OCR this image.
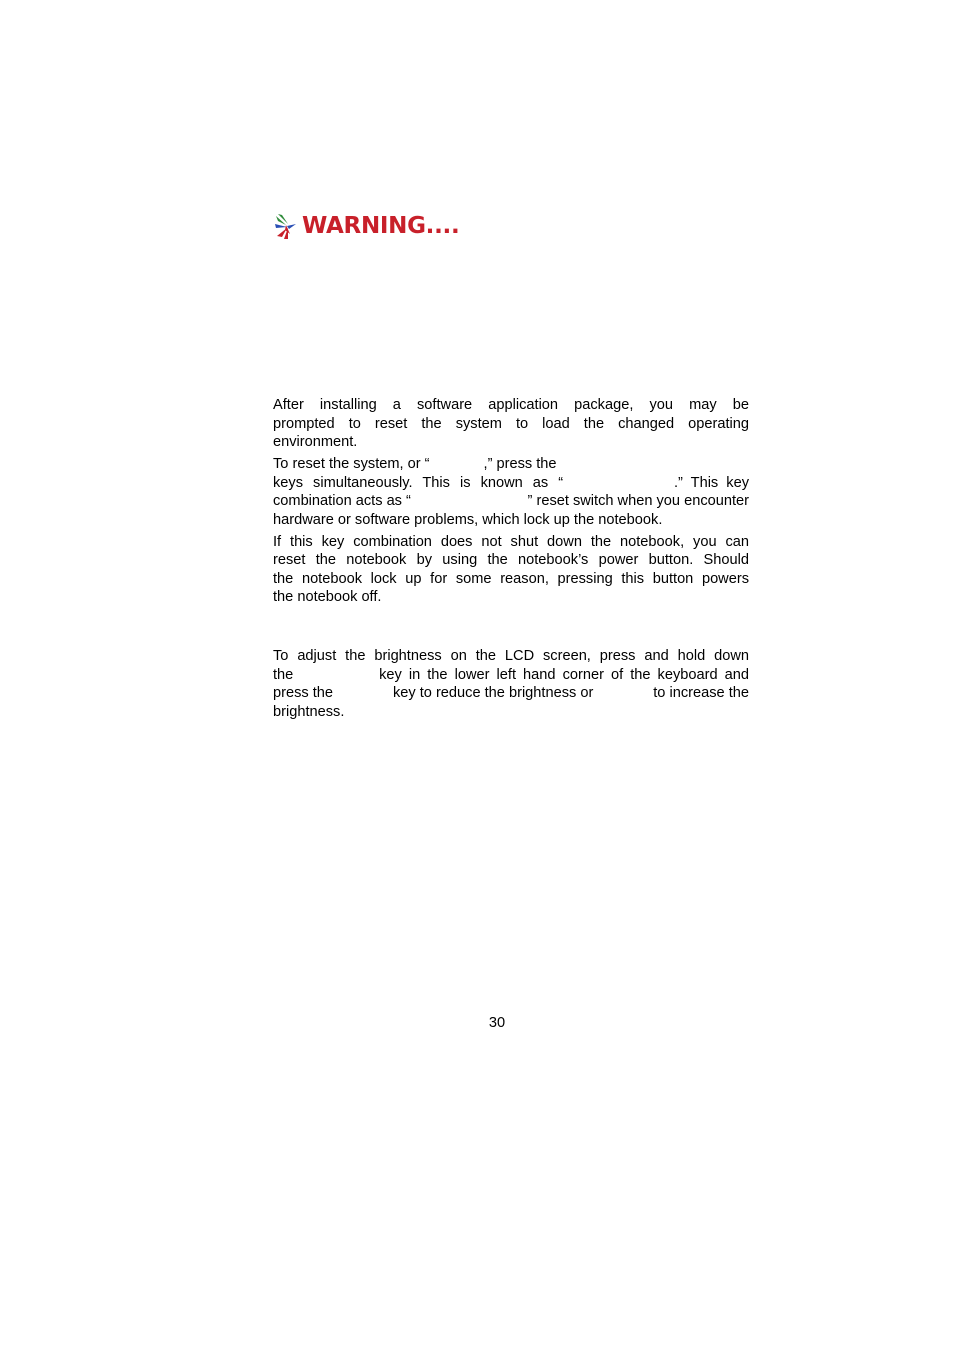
WARNING....

After installing a software application package, you may be
prompted to reset the system to load the changed operating
environment.

To reset the system, or “	,” press the
keys simultaneously. This is known as “	.” This key
combination acts as “	” reset switch when you encounter
hardware or software problems, which lock up the notebook.

If this key combination does not shut down the notebook, you can
reset the notebook by using the notebook’s power button. Should
the notebook lock up for some reason, pressing this button powers
the notebook off.

To adjust the brightness on the LCD screen, press and hold down
the	key in the lower left hand corner of the keyboard and
press the	key to reduce the brightness or	to increase the
brightness.

30
